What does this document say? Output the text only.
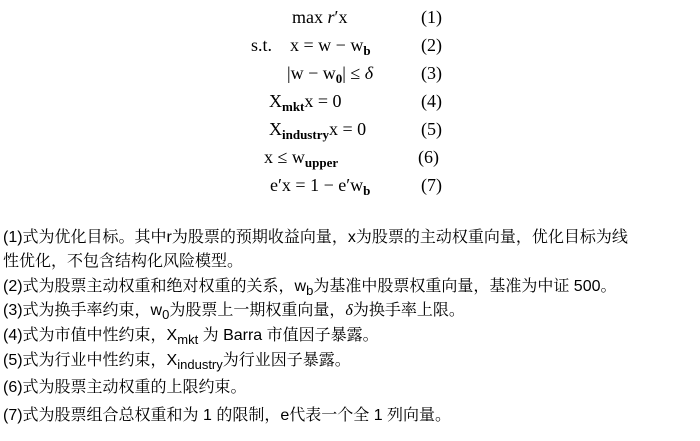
max r′x	(1)
s.t. $x = w - w_b$	(2)
$|w - w_0| \le \delta$	(3)
$X_{mkt}x = 0$	(4)
$X_{industry}x = 0$	(5)
$x \le w_{upper}$	(6)
$e'x = 1 - e'w_b$	(7)
(1)式为优化目标。其中r为股票的预期收益向量，x为股票的主动权重向量，优化目标为线
性优化，不包含结构化风险模型。
(2)式为股票主动权重和绝对权重的关系，$w_b$为基准中股票权重向量，基准为中证 500。
(3)式为换手率约束，$w_0$为股票上一期权重向量，δ为换手率上限。
(4)式为市值中性约束，$X_{mkt}$ 为 Barra 市值因子暴露。
(5)式为行业中性约束，$X_{industry}$为行业因子暴露。
(6)式为股票主动权重的上限约束。
(7)式为股票组合总权重和为 1 的限制，e代表一个全 1 列向量。
